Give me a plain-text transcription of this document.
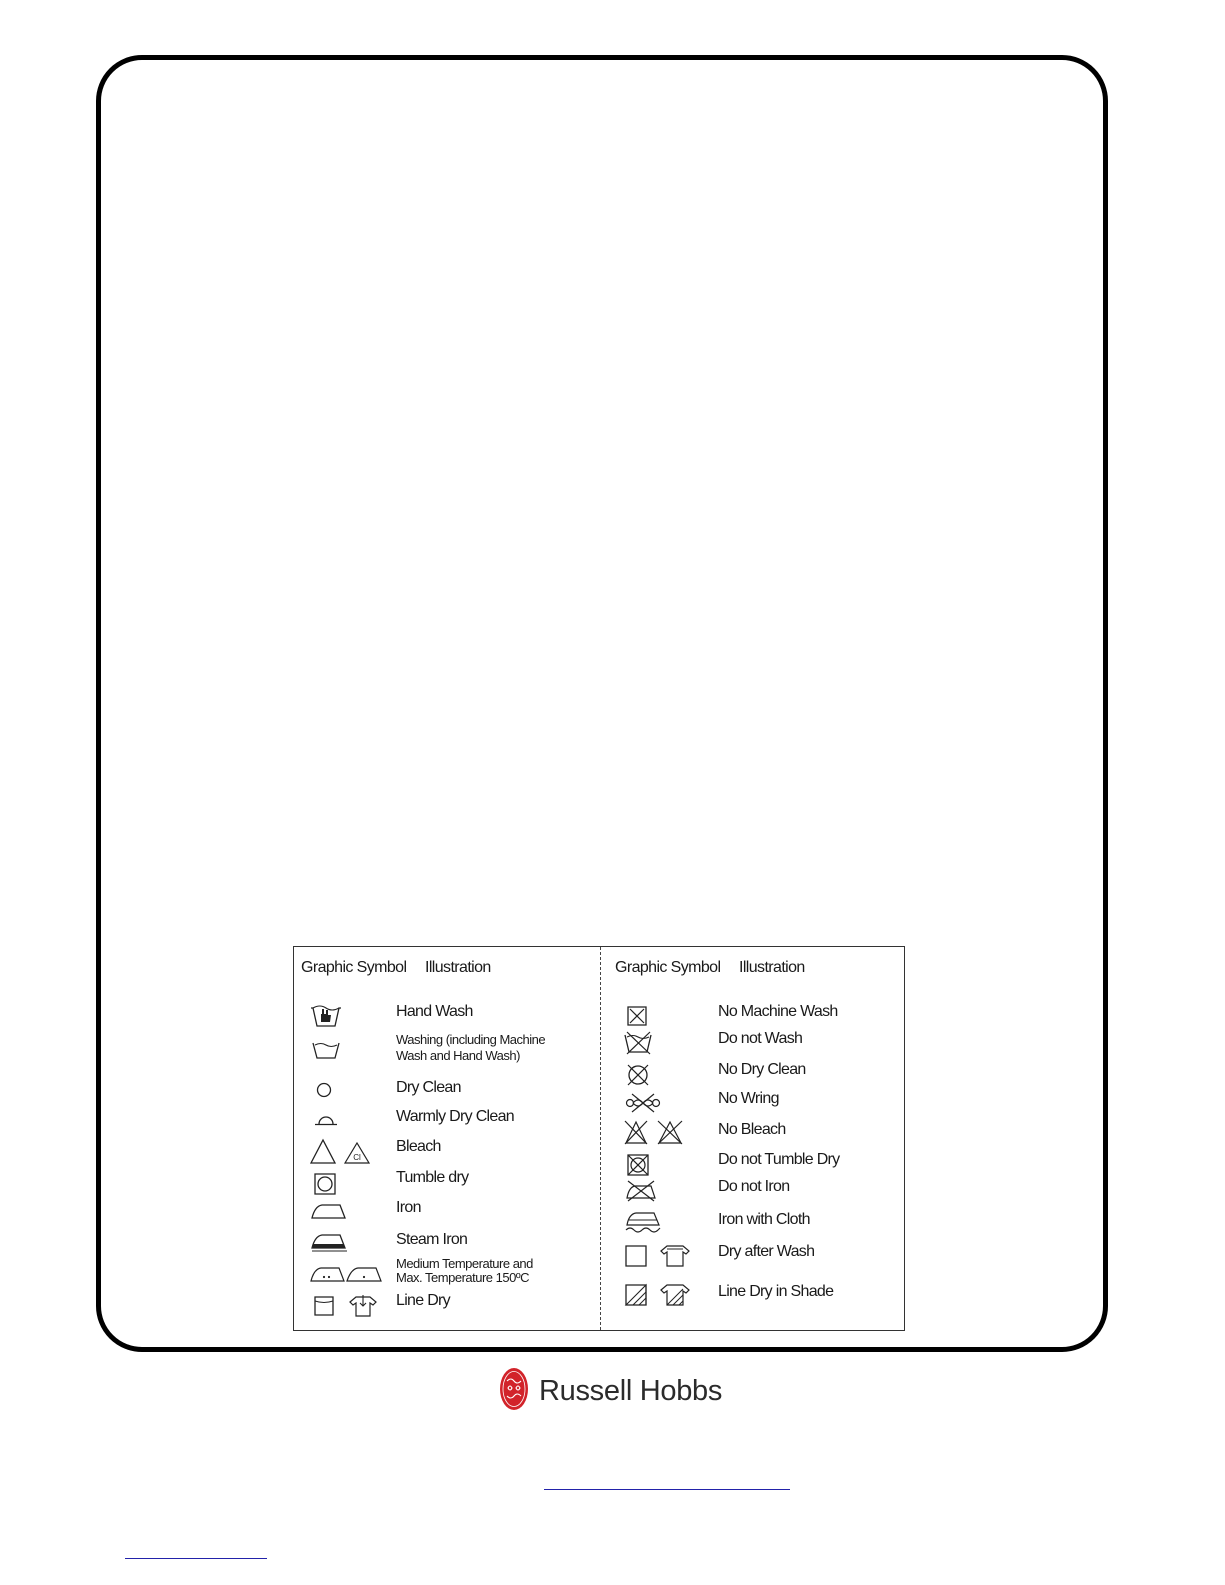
Graphic Symbol Illustration
Hand Wash
Washing (including Machine
Wash and Hand Wash)
Dry Clean
Warmly Dry Clean
Cl
Bleach
Tumble dry
Iron
Steam Iron
Medium Temperature and
Max. Temperature 150ºC
Line Dry
Graphic Symbol Illustration
No Machine Wash
Do not Wash
No Dry Clean
No Wring
No Bleach
Do not Tumble Dry
Do not Iron
Iron with Cloth
Dry after Wash
Line Dry in Shade
Russell Hobbs
